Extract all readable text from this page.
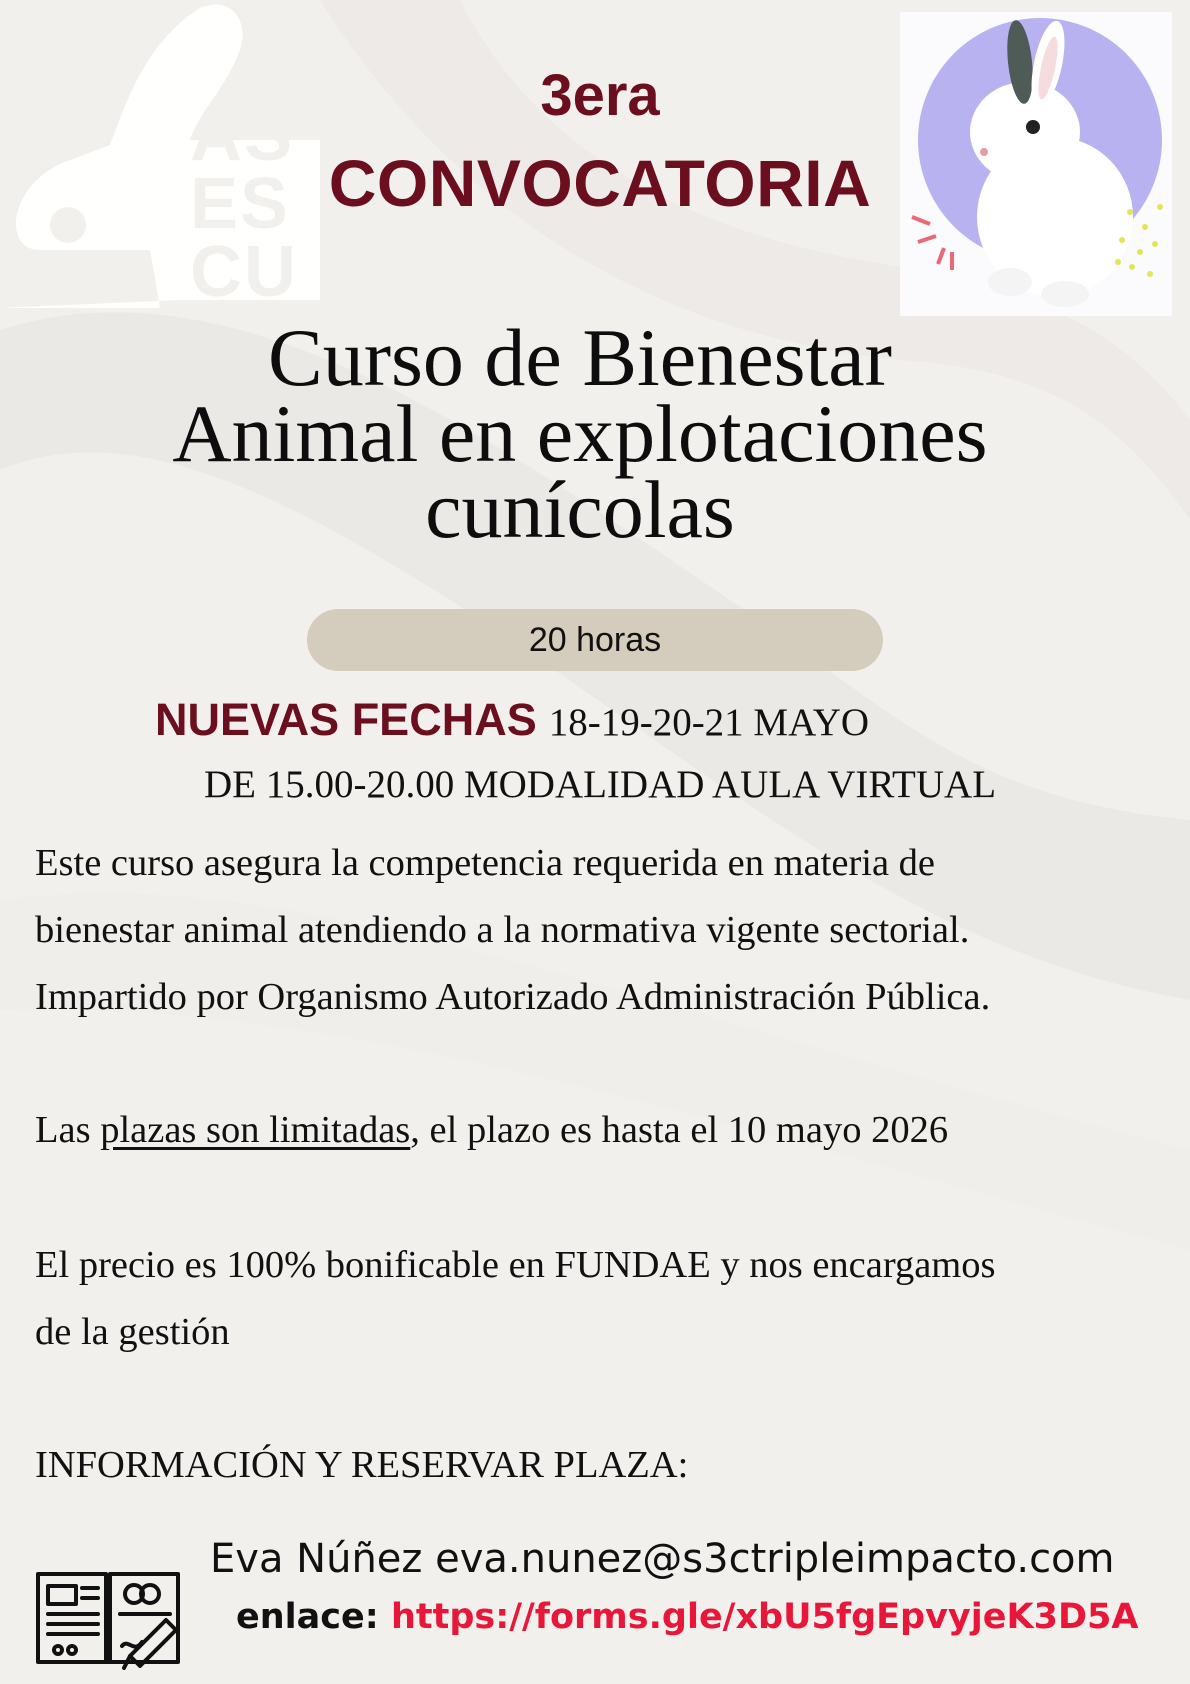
AS
ES
CU
3era
CONVOCATORIA
Curso de Bienestar
Animal en explotaciones
cunícolas
20 horas
NUEVAS FECHAS 18-19-20-21 MAYO
DE 15.00-20.00 MODALIDAD AULA VIRTUAL
Este curso asegura la competencia requerida en materia de
bienestar animal atendiendo a la normativa vigente sectorial.
Impartido por Organismo Autorizado Administración Pública.
Las plazas son limitadas, el plazo es hasta el 10 mayo 2026
El precio es 100% bonificable en FUNDAE y nos encargamos
de la gestión
INFORMACIÓN Y RESERVAR PLAZA:
Eva Núñez eva.nunez@s3ctripleimpacto.com
enlace: https://forms.gle/xbU5fgEpvyjeK3D5A
